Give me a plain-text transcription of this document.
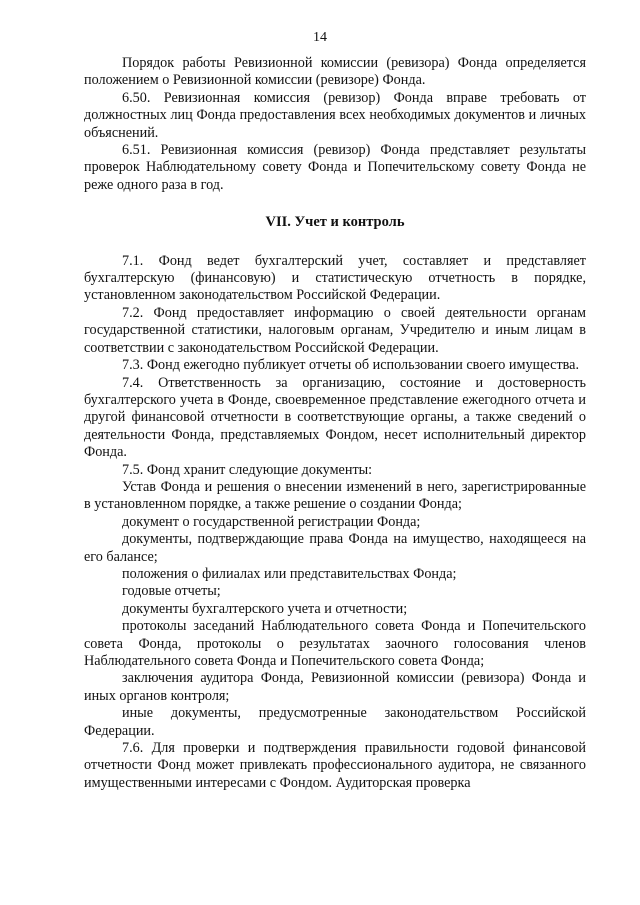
14

Порядок работы Ревизионной комиссии (ревизора) Фонда определяется положением о Ревизионной комиссии (ревизоре) Фонда.

6.50. Ревизионная комиссия (ревизор) Фонда вправе требовать от должностных лиц Фонда предоставления всех необходимых документов и личных объяснений.

6.51. Ревизионная комиссия (ревизор) Фонда представляет результаты проверок Наблюдательному совету Фонда и Попечительскому совету Фонда не реже одного раза в год.

VII. Учет и контроль

7.1. Фонд ведет бухгалтерский учет, составляет и представляет бухгалтерскую (финансовую) и статистическую отчетность в порядке, установленном законодательством Российской Федерации.

7.2. Фонд предоставляет информацию о своей деятельности органам государственной статистики, налоговым органам, Учредителю и иным лицам в соответствии с законодательством Российской Федерации.

7.3. Фонд ежегодно публикует отчеты об использовании своего имущества.

7.4. Ответственность за организацию, состояние и достоверность бухгалтерского учета в Фонде, своевременное представление ежегодного отчета и другой финансовой отчетности в соответствующие органы, а также сведений о деятельности Фонда, представляемых Фондом, несет исполнительный директор Фонда.

7.5. Фонд хранит следующие документы:

Устав Фонда и решения о внесении изменений в него, зарегистрированные в установленном порядке, а также решение о создании Фонда;

документ о государственной регистрации Фонда;

документы, подтверждающие права Фонда на имущество, находящееся на его балансе;

положения о филиалах или представительствах Фонда;

годовые отчеты;

документы бухгалтерского учета и отчетности;

протоколы заседаний Наблюдательного совета Фонда и Попечительского совета Фонда, протоколы о результатах заочного голосования членов Наблюдательного совета Фонда и Попечительского совета Фонда;

заключения аудитора Фонда, Ревизионной комиссии (ревизора) Фонда и иных органов контроля;

иные документы, предусмотренные законодательством Российской Федерации.

7.6. Для проверки и подтверждения правильности годовой финансовой отчетности Фонд может привлекать профессионального аудитора, не связанного имущественными интересами с Фондом. Аудиторская проверка
